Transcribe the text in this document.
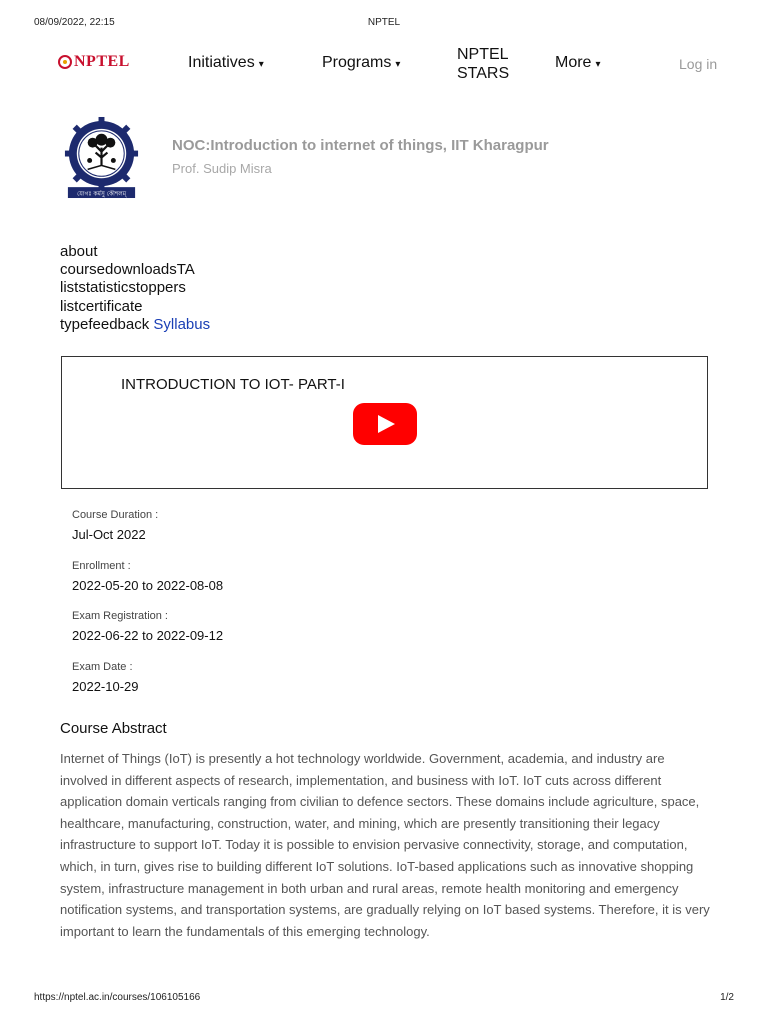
08/09/2022, 22:15	NPTEL
NPTEL	Initiatives ▾	Programs ▾
NPTEL
STARS
More ▾	Log in
যোগঃ কর্মসু কৌশলম্
NOC:Introduction to internet of things, IIT Kharagpur
Prof. Sudip Misra
about
coursedownloadsTA
liststatisticstoppers
listcertificate
typefeedback Syllabus
INTRODUCTION TO IOT- PART-I
Course Duration :
Jul-Oct 2022
Enrollment :
2022-05-20 to 2022-08-08
Exam Registration :
2022-06-22 to 2022-09-12
Exam Date :
2022-10-29
Course Abstract
Internet of Things (IoT) is presently a hot technology worldwide. Government, academia, and industry are involved in different aspects of research, implementation, and business with IoT. IoT cuts across different application domain verticals ranging from civilian to defence sectors. These domains include agriculture, space, healthcare, manufacturing, construction, water, and mining, which are presently transitioning their legacy infrastructure to support IoT. Today it is possible to envision pervasive connectivity, storage, and computation, which, in turn, gives rise to building different IoT solutions. IoT-based applications such as innovative shopping system, infrastructure management in both urban and rural areas, remote health monitoring and emergency notification systems, and transportation systems, are gradually relying on IoT based systems. Therefore, it is very important to learn the fundamentals of this emerging technology.
https://nptel.ac.in/courses/106105166	1/2
